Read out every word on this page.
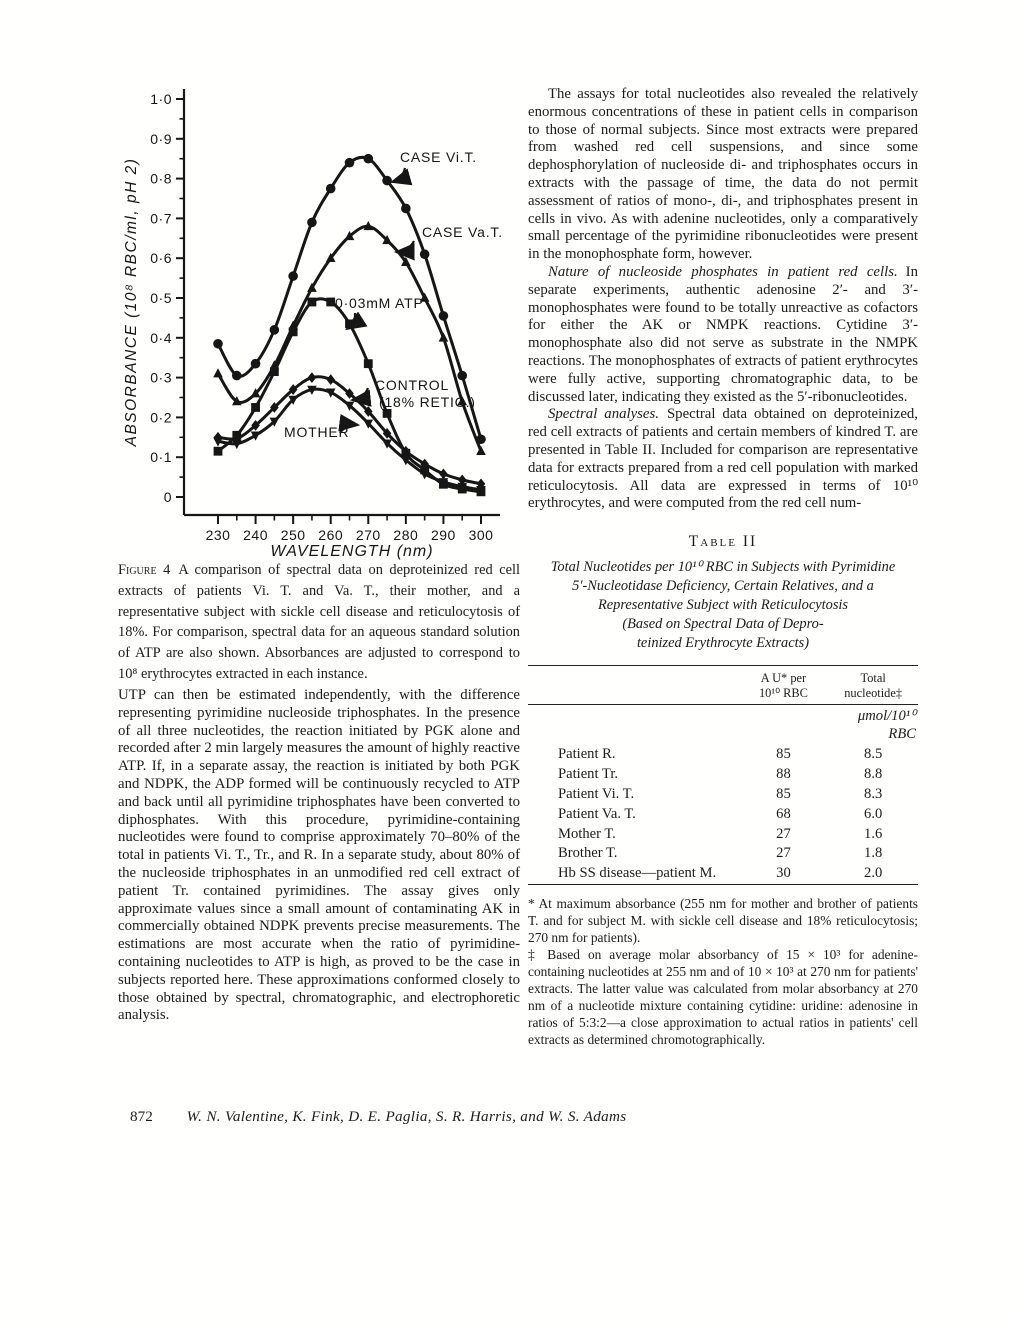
1·0
0·9
0·8
0·7
0·6
0·5
0·4
0·3
0·2
0·1
0
230 240 250 260 270 280 290 300
ABSORBANCE (10⁸ RBC/ml, pH 2)
WAVELENGTH (nm)
CASE Vi.T.
CASE Va.T.
0·03mM ATP
CONTROL (18% RETIC.)
MOTHER
Figure 4 A comparison of spectral data on deproteinized red cell extracts of patients Vi. T. and Va. T., their mother, and a representative subject with sickle cell disease and reticulocytosis of 18%. For comparison, spectral data for an aqueous standard solution of ATP are also shown. Absorbances are adjusted to correspond to 10⁸ erythrocytes extracted in each instance.

UTP can then be estimated independently, with the difference representing pyrimidine nucleoside triphosphates. In the presence of all three nucleotides, the reaction initiated by PGK alone and recorded after 2 min largely measures the amount of highly reactive ATP. If, in a separate assay, the reaction is initiated by both PGK and NDPK, the ADP formed will be continuously recycled to ATP and back until all pyrimidine triphosphates have been converted to diphosphates. With this procedure, pyrimidine-containing nucleotides were found to comprise approximately 70–80% of the total in patients Vi. T., Tr., and R. In a separate study, about 80% of the nucleoside triphosphates in an unmodified red cell extract of patient Tr. contained pyrimidines. The assay gives only approximate values since a small amount of contaminating AK in commercially obtained NDPK prevents precise measurements. The estimations are most accurate when the ratio of pyrimidine-containing nucleotides to ATP is high, as proved to be the case in subjects reported here. These approximations conformed closely to those obtained by spectral, chromatographic, and electrophoretic analysis.

The assays for total nucleotides also revealed the relatively enormous concentrations of these in patient cells in comparison to those of normal subjects. Since most extracts were prepared from washed red cell suspensions, and since some dephosphorylation of nucleoside di- and triphosphates occurs in extracts with the passage of time, the data do not permit assessment of ratios of mono-, di-, and triphosphates present in cells in vivo. As with adenine nucleotides, only a comparatively small percentage of the pyrimidine ribonucleotides were present in the monophosphate form, however.

Nature of nucleoside phosphates in patient red cells. In separate experiments, authentic adenosine 2′- and 3′-monophosphates were found to be totally unreactive as cofactors for either the AK or NMPK reactions. Cytidine 3′-monophosphate also did not serve as substrate in the NMPK reactions. The monophosphates of extracts of patient erythrocytes were fully active, supporting chromatographic data, to be discussed later, indicating they existed as the 5′-ribonucleotides.

Spectral analyses. Spectral data obtained on deproteinized, red cell extracts of patients and certain members of kindred T. are presented in Table II. Included for comparison are representative data for extracts prepared from a red cell population with marked reticulocytosis. All data are expressed in terms of 10¹⁰ erythrocytes, and were computed from the red cell num-

Table II
Total Nucleotides per 10¹⁰ RBC in Subjects with Pyrimidine
5′-Nucleotidase Deficiency, Certain Relatives, and a
Representative Subject with Reticulocytosis
(Based on Spectral Data of Depro-
teinized Erythrocyte Extracts)

	A U* per
10¹⁰ RBC	Total
nucleotide‡

		μmol/10¹⁰ RBC
Patient R.	85	8.5
Patient Tr.	88	8.8
Patient Vi. T.	85	8.3
Patient Va. T.	68	6.0
Mother T.	27	1.6
Brother T.	27	1.8
Hb SS disease—patient M.	30	2.0

* At maximum absorbance (255 nm for mother and brother of patients T. and for subject M. with sickle cell disease and 18% reticulocytosis; 270 nm for patients).

‡ Based on average molar absorbancy of 15 × 10³ for adenine-containing nucleotides at 255 nm and of 10 × 10³ at 270 nm for patients' extracts. The latter value was calculated from molar absorbancy at 270 nm of a nucleotide mixture containing cytidine: uridine: adenosine in ratios of 5:3:2—a close approximation to actual ratios in patients' cell extracts as determined chromotographically.

872 W. N. Valentine, K. Fink, D. E. Paglia, S. R. Harris, and W. S. Adams
